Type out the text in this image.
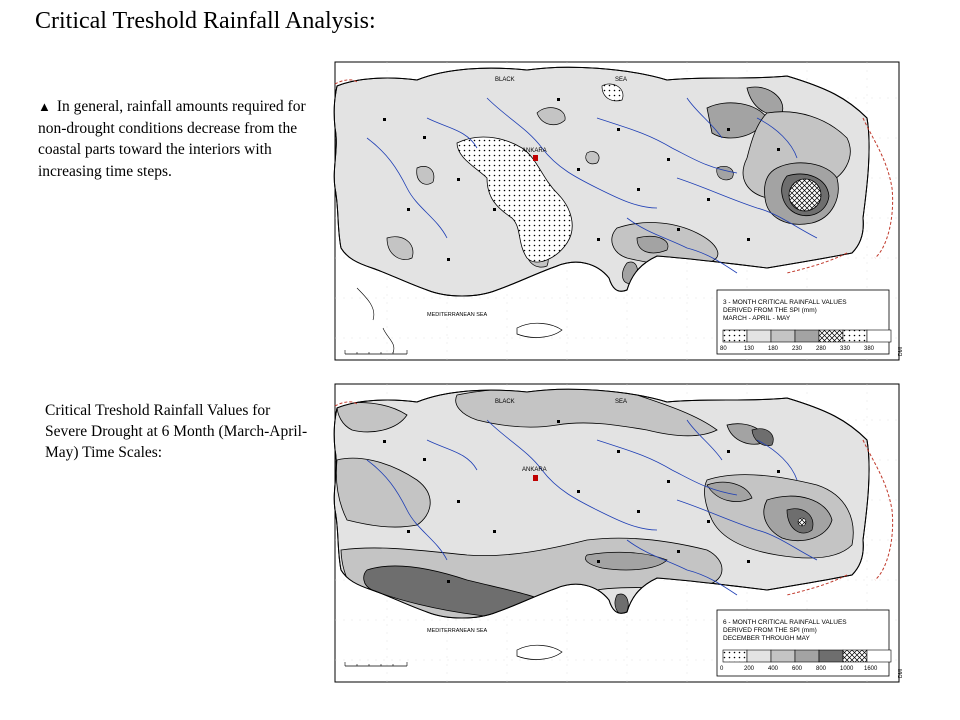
Critical Treshold Rainfall Analysis:
▲ In general, rainfall amounts required for non-drought conditions decrease from the coastal parts toward the interiors with increasing time steps.
Critical Treshold Rainfall Values for Severe Drought at 6 Month (March-April-May) Time Scales:
ANKARA
BLACK	SEA
MEDITERRANEAN SEA
3 - MONTH CRITICAL RAINFALL VALUES
DERIVED FROM THE SPI (mm)
MARCH - APRIL - MAY
80	130 180 230 280 330 380	DMI
ANKARA
BLACK	SEA
MEDITERRANEAN SEA
6 - MONTH CRITICAL RAINFALL VALUES
DERIVED FROM THE SPI (mm)
DECEMBER THROUGH MAY
0	200 400 600 800 1000 1600	DMI
